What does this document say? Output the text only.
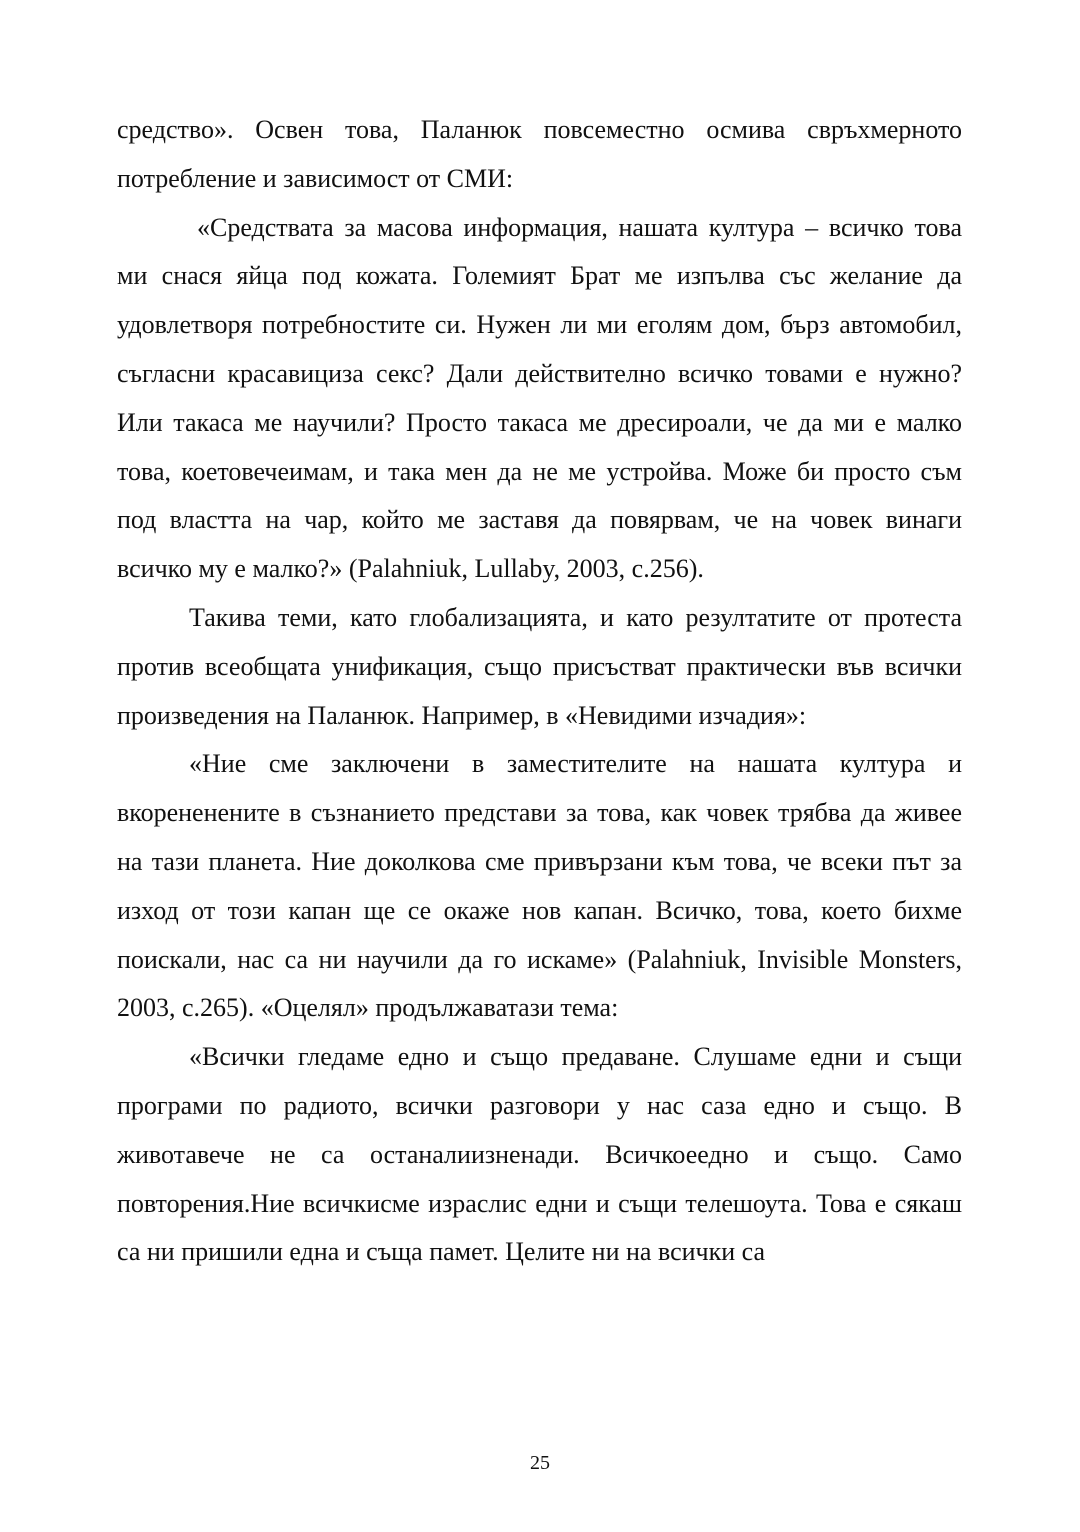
средство». Освен това, Паланюк повсеместно осмива свръхмерното потребление и зависимост от СМИ:

«Средствата за масова информация, нашата култура – всичко това ми снася яйца под кожата. Големият Брат ме изпълва със желание да удовлетворя потребностите си. Нужен ли ми еголям дом, бърз автомобил, съгласни красавицизa секс? Дали действително всичко товами е нужно? Или такаса ме научили? Просто такаса ме дресироали, че да ми е малко това, коетовечеимам, и така мен да не ме устройва. Може би просто съм под властта на чар, който ме заставя да повярвам, че на човек винаги всичко му е малко?» (Palahniuk, Lullaby, 2003, с.256).

Такива теми, като глобализацията, и като резултатите от протеста против всеобщата унификация, също присъстват практически във всички произведения на Паланюк. Например, в «Невидими изчадия»:

«Ние сме заключени в заместителите на нашата култура и вкорененените в съзнанието представи за това, как човек трябва да живее на тази планета. Ние доколкова сме привързани към това, че всеки път за изход от този капан ще се окаже нов капан. Всичко, това, което бихме поискали, нас са ни научили да го искаме» (Palahniuk, Invisible Monsters, 2003, с.265). «Оцелял» продължаватази тема:

«Всички гледаме едно и също предаване. Слушаме едни и същи програми по радиото, всички разговори у нас саза едно и също. В животавече не са останалиизненади. Всичкоеедно и също. Само повторения.Ние всичкисме израслис едни и същи телешоута. Това е сякаш са ни пришили една и съща памет. Целите ни на всички са

25
